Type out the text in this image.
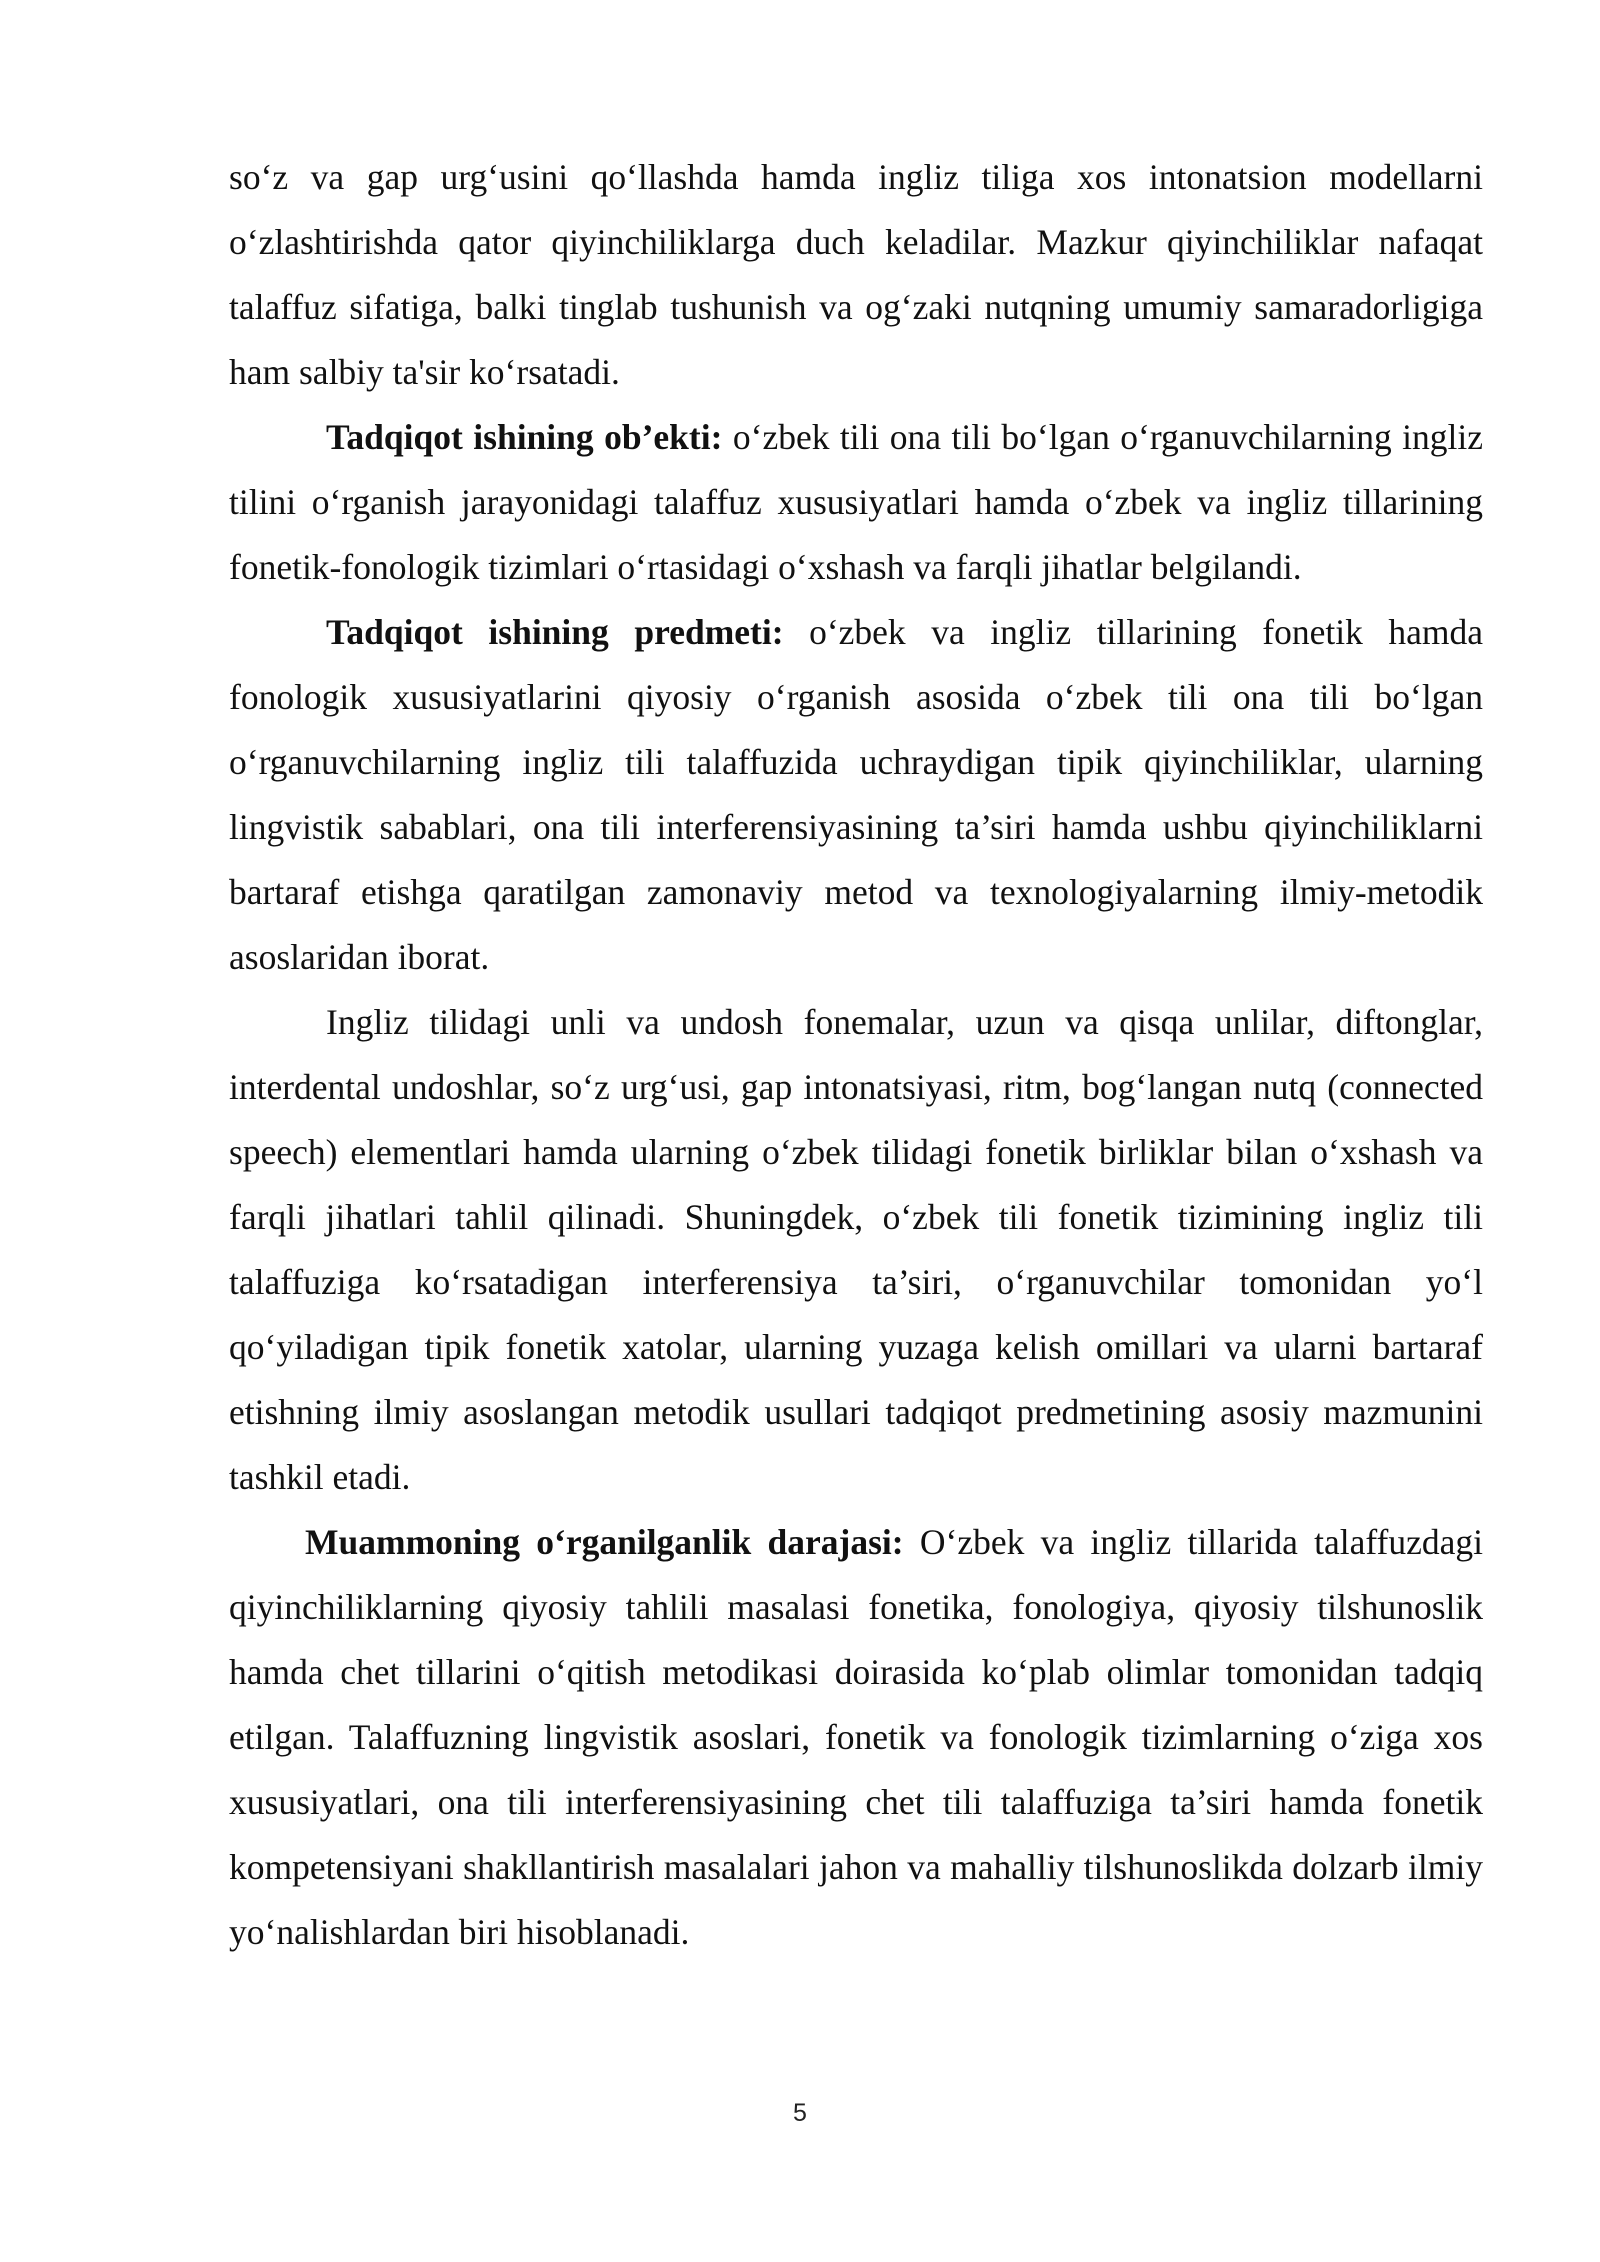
so‘z va gap urg‘usini qo‘llashda hamda ingliz tiliga xos intonatsion modellarni o‘zlashtirishda qator qiyinchiliklarga duch keladilar. Mazkur qiyinchiliklar nafaqat talaffuz sifatiga, balki tinglab tushunish va og‘zaki nutqning umumiy samaradorligiga ham salbiy ta'sir ko‘rsatadi.

Tadqiqot ishining ob’ekti: o‘zbek tili ona tili bo‘lgan o‘rganuvchilarning ingliz tilini o‘rganish jarayonidagi talaffuz xususiyatlari hamda o‘zbek va ingliz tillarining fonetik-fonologik tizimlari o‘rtasidagi o‘xshash va farqli jihatlar belgilandi.

Tadqiqot ishining predmeti: o‘zbek va ingliz tillarining fonetik hamda fonologik xususiyatlarini qiyosiy o‘rganish asosida o‘zbek tili ona tili bo‘lgan o‘rganuvchilarning ingliz tili talaffuzida uchraydigan tipik qiyinchiliklar, ularning lingvistik sabablari, ona tili interferensiyasining ta’siri hamda ushbu qiyinchiliklarni bartaraf etishga qaratilgan zamonaviy metod va texnologiyalarning ilmiy-metodik asoslaridan iborat.

Ingliz tilidagi unli va undosh fonemalar, uzun va qisqa unlilar, diftonglar, interdental undoshlar, so‘z urg‘usi, gap intonatsiyasi, ritm, bog‘langan nutq (connected speech) elementlari hamda ularning o‘zbek tilidagi fonetik birliklar bilan o‘xshash va farqli jihatlari tahlil qilinadi. Shuningdek, o‘zbek tili fonetik tizimining ingliz tili talaffuziga ko‘rsatadigan interferensiya ta’siri, o‘rganuvchilar tomonidan yo‘l qo‘yiladigan tipik fonetik xatolar, ularning yuzaga kelish omillari va ularni bartaraf etishning ilmiy asoslangan metodik usullari tadqiqot predmetining asosiy mazmunini tashkil etadi.

Muammoning o‘rganilganlik darajasi: O‘zbek va ingliz tillarida talaffuzdagi qiyinchiliklarning qiyosiy tahlili masalasi fonetika, fonologiya, qiyosiy tilshunoslik hamda chet tillarini o‘qitish metodikasi doirasida ko‘plab olimlar tomonidan tadqiq etilgan. Talaffuzning lingvistik asoslari, fonetik va fonologik tizimlarning o‘ziga xos xususiyatlari, ona tili interferensiyasining chet tili talaffuziga ta’siri hamda fonetik kompetensiyani shakllantirish masalalari jahon va mahalliy tilshunoslikda dolzarb ilmiy yo‘nalishlardan biri hisoblanadi.

5
